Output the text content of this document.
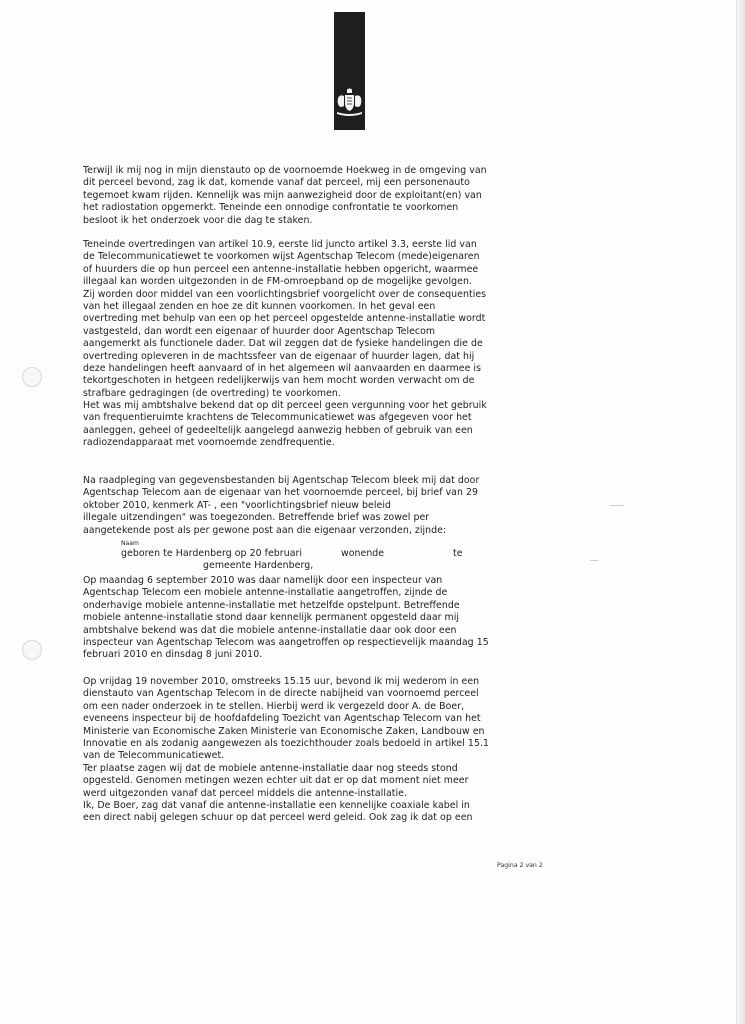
Terwijl ik mij nog in mijn dienstauto op de voornoemde Hoekweg in de omgeving van
dit perceel bevond, zag ik dat, komende vanaf dat perceel, mij een personenauto
tegemoet kwam rijden. Kennelijk was mijn aanwezigheid door de exploitant(en) van
het radiostation opgemerkt. Teneinde een onnodige confrontatie te voorkomen
besloot ik het onderzoek voor die dag te staken.
Teneinde overtredingen van artikel 10.9, eerste lid juncto artikel 3.3, eerste lid van
de Telecommunicatiewet te voorkomen wijst Agentschap Telecom (mede)eigenaren
of huurders die op hun perceel een antenne-installatie hebben opgericht, waarmee
illegaal kan worden uitgezonden in de FM-omroepband op de mogelijke gevolgen.
Zij worden door middel van een voorlichtingsbrief voorgelicht over de consequenties
van het illegaal zenden en hoe ze dit kunnen voorkomen. In het geval een
overtreding met behulp van een op het perceel opgestelde antenne-installatie wordt
vastgesteld, dan wordt een eigenaar of huurder door Agentschap Telecom
aangemerkt als functionele dader. Dat wil zeggen dat de fysieke handelingen die de
overtreding opleveren in de machtssfeer van de eigenaar of huurder lagen, dat hij
deze handelingen heeft aanvaard of in het algemeen wil aanvaarden en daarmee is
tekortgeschoten in hetgeen redelijkerwijs van hem mocht worden verwacht om de
strafbare gedragingen (de overtreding) te voorkomen.
Het was mij ambtshalve bekend dat op dit perceel geen vergunning voor het gebruik
van frequentieruimte krachtens de Telecommunicatiewet was afgegeven voor het
aanleggen, geheel of gedeeltelijk aangelegd aanwezig hebben of gebruik van een
radiozendapparaat met voornoemde zendfrequentie.
Na raadpleging van gegevensbestanden bij Agentschap Telecom bleek mij dat door
Agentschap Telecom aan de eigenaar van het voornoemde perceel, bij brief van 29
oktober 2010, kenmerk AT- , een "voorlichtingsbrief nieuw beleid
illegale uitzendingen" was toegezonden. Betreffende brief was zowel per
aangetekende post als per gewone post aan die eigenaar verzonden, zijnde:
Naam
geboren te Hardenberg op 20 februari	wonende	te
gemeente Hardenberg,
Op maandag 6 september 2010 was daar namelijk door een inspecteur van
Agentschap Telecom een mobiele antenne-installatie aangetroffen, zijnde de
onderhavige mobiele antenne-installatie met hetzelfde opstelpunt. Betreffende
mobiele antenne-installatie stond daar kennelijk permanent opgesteld daar mij
ambtshalve bekend was dat die mobiele antenne-installatie daar ook door een
inspecteur van Agentschap Telecom was aangetroffen op respectievelijk maandag 15
februari 2010 en dinsdag 8 juni 2010.
Op vrijdag 19 november 2010, omstreeks 15.15 uur, bevond ik mij wederom in een
dienstauto van Agentschap Telecom in de directe nabijheid van voornoemd perceel
om een nader onderzoek in te stellen. Hierbij werd ik vergezeld door A. de Boer,
eveneens inspecteur bij de hoofdafdeling Toezicht van Agentschap Telecom van het
Ministerie van Economische Zaken Ministerie van Economische Zaken, Landbouw en
Innovatie en als zodanig aangewezen als toezichthouder zoals bedoeld in artikel 15.1
van de Telecommunicatiewet.
Ter plaatse zagen wij dat de mobiele antenne-installatie daar nog steeds stond
opgesteld. Genomen metingen wezen echter uit dat er op dat moment niet meer
werd uitgezonden vanaf dat perceel middels die antenne-installatie.
Ik, De Boer, zag dat vanaf die antenne-installatie een kennelijke coaxiale kabel in
een direct nabij gelegen schuur op dat perceel werd geleid. Ook zag ik dat op een
Pagina 2 van 2
